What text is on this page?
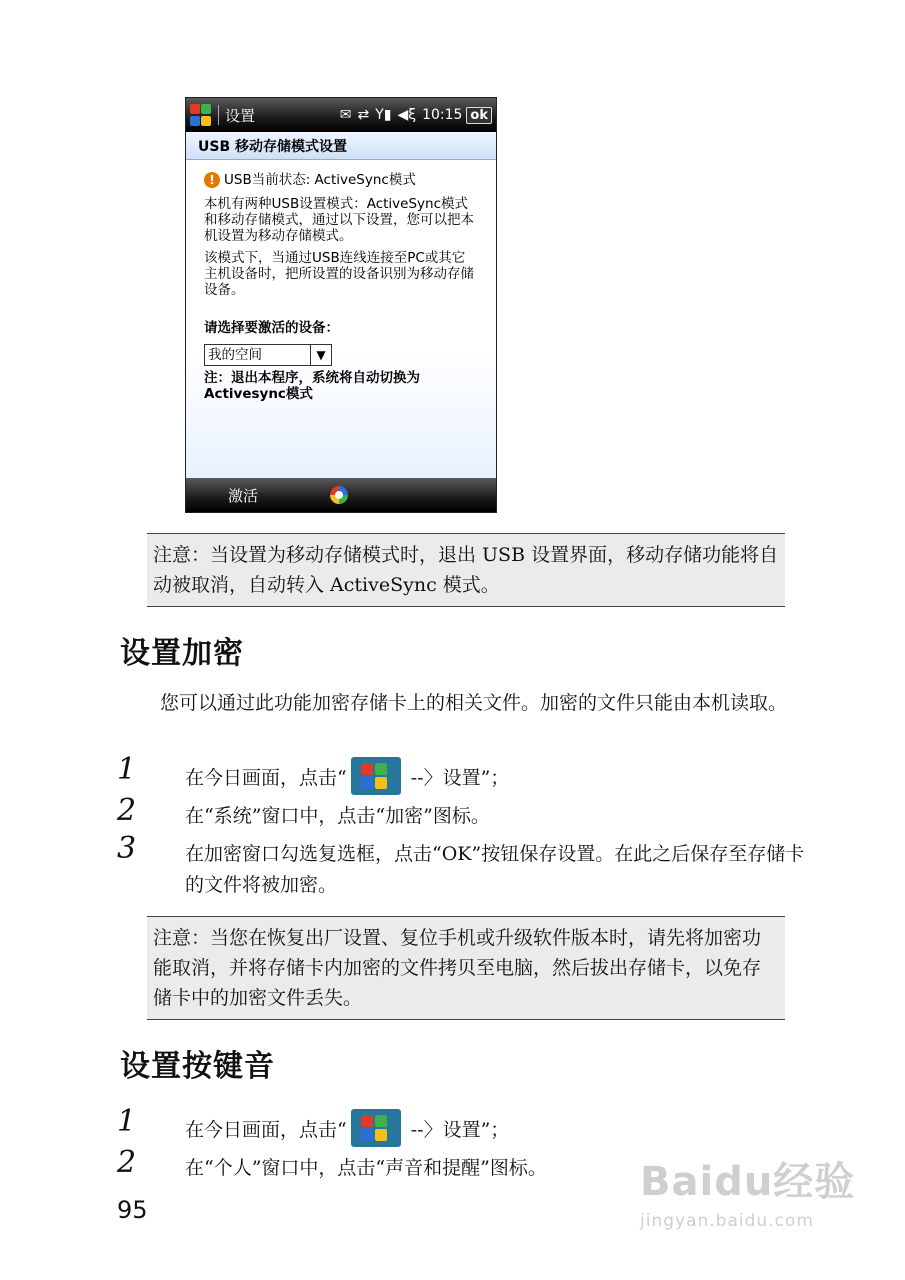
设置	✉ ⇄ Y▮ ◀ξ 10:15 ok
USB 移动存储模式设置
! USB当前状态: ActiveSync模式

本机有两种USB设置模式：ActiveSync模式和移动存储模式，通过以下设置，您可以把本机设置为移动存储模式。

该模式下，当通过USB连线连接至PC或其它主机设备时，把所设置的设备识别为移动存储设备。

请选择要激活的设备：
我的空间	▼
注：退出本程序，系统将自动切换为Activesync模式
激活
注意：当设置为移动存储模式时，退出 USB 设置界面，移动存储功能将自动被取消，自动转入 ActiveSync 模式。
设置加密
您可以通过此功能加密存储卡上的相关文件。加密的文件只能由本机读取。
1	在今日画面，点击“	--〉设置”；
2	在“系统”窗口中，点击“加密”图标。
3	在加密窗口勾选复选框，点击“OK”按钮保存设置。在此之后保存至存储卡的文件将被加密。
注意：当您在恢复出厂设置、复位手机或升级软件版本时，请先将加密功能取消，并将存储卡内加密的文件拷贝至电脑，然后拔出存储卡，以免存储卡中的加密文件丢失。
设置按键音
1	在今日画面，点击“	--〉设置”；
2	在“个人”窗口中，点击“声音和提醒”图标。
95
Baidu经验
jingyan.baidu.com
